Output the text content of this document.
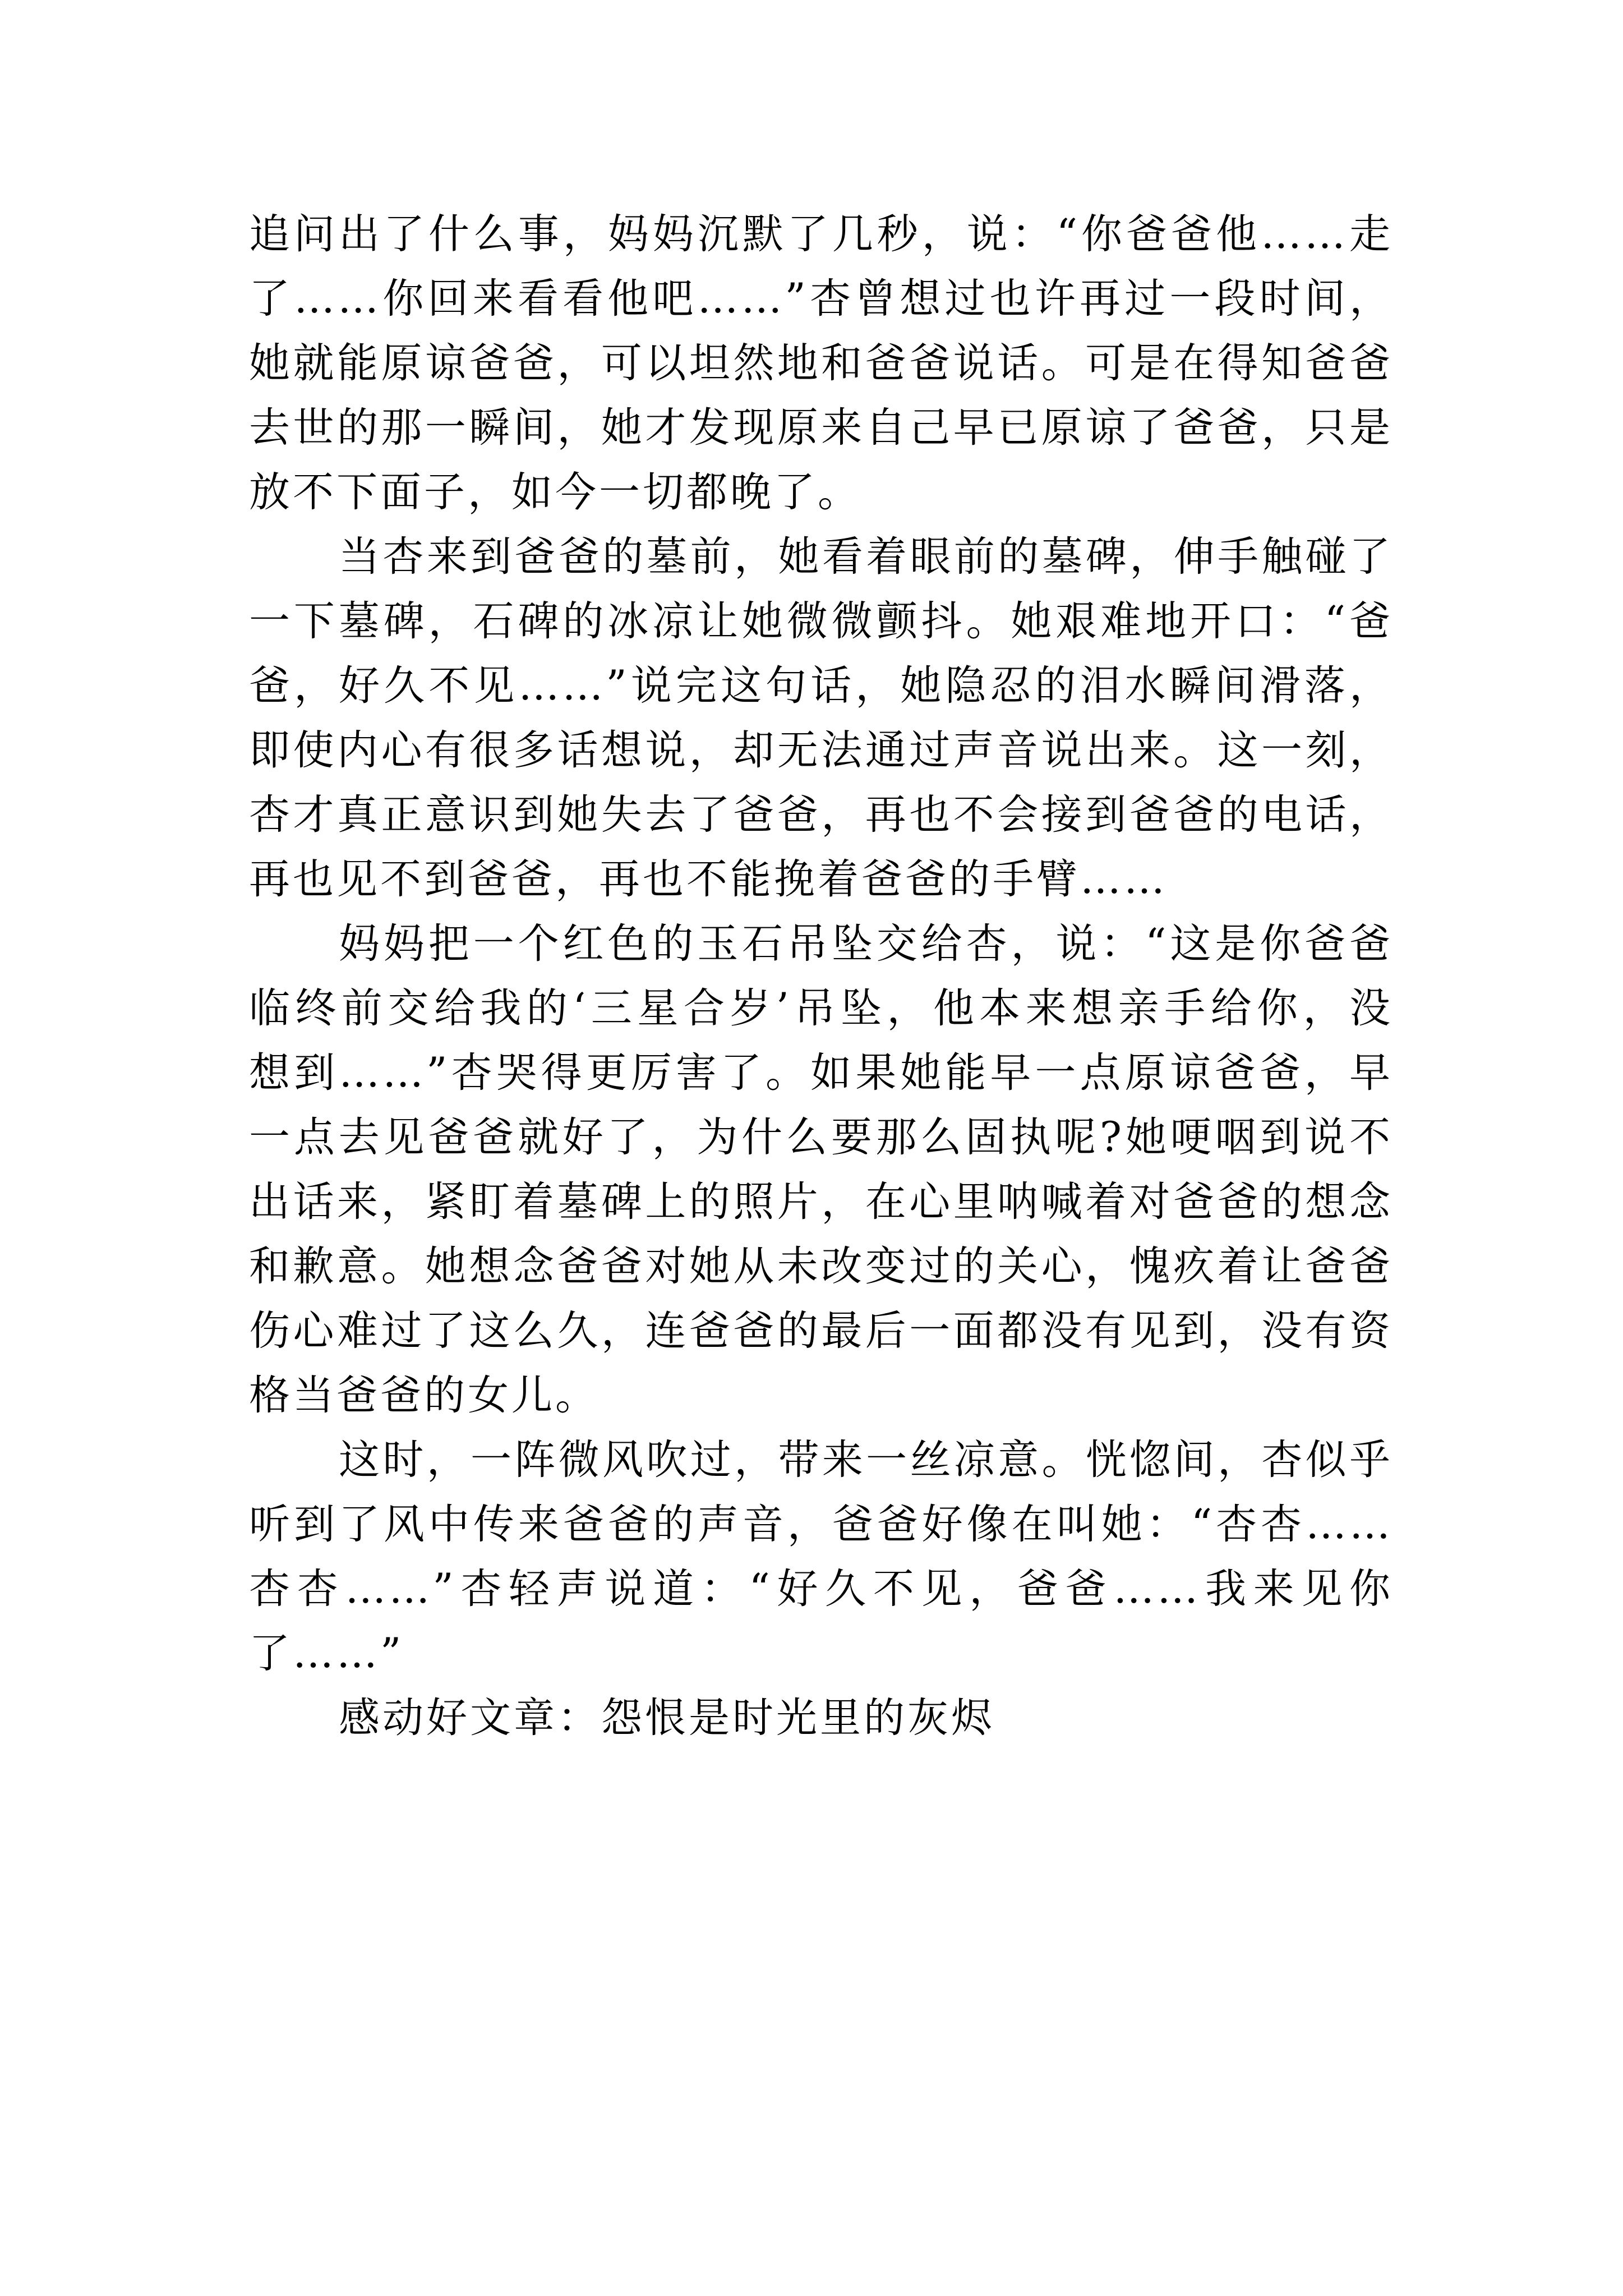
追问出了什么事，妈妈沉默了几秒，说：“你爸爸他……走
了……你回来看看他吧……”杏曾想过也许再过一段时间，
她就能原谅爸爸，可以坦然地和爸爸说话。可是在得知爸爸
去世的那一瞬间，她才发现原来自己早已原谅了爸爸，只是
放不下面子，如今一切都晚了。
当杏来到爸爸的墓前，她看着眼前的墓碑，伸手触碰了
一下墓碑，石碑的冰凉让她微微颤抖。她艰难地开口：“爸
爸，好久不见……”说完这句话，她隐忍的泪水瞬间滑落，
即使内心有很多话想说，却无法通过声音说出来。这一刻，
杏才真正意识到她失去了爸爸，再也不会接到爸爸的电话，
再也见不到爸爸，再也不能挽着爸爸的手臂……
妈妈把一个红色的玉石吊坠交给杏，说：“这是你爸爸
临终前交给我的‘三星合岁’吊坠，他本来想亲手给你，没
想到……”杏哭得更厉害了。如果她能早一点原谅爸爸，早
一点去见爸爸就好了，为什么要那么固执呢?她哽咽到说不
出话来，紧盯着墓碑上的照片，在心里呐喊着对爸爸的想念
和歉意。她想念爸爸对她从未改变过的关心，愧疚着让爸爸
伤心难过了这么久，连爸爸的最后一面都没有见到，没有资
格当爸爸的女儿。
这时，一阵微风吹过，带来一丝凉意。恍惚间，杏似乎
听到了风中传来爸爸的声音，爸爸好像在叫她：“杏杏……
杏杏……”杏轻声说道：“好久不见，爸爸……我来见你
了……”
感动好文章：怨恨是时光里的灰烬
